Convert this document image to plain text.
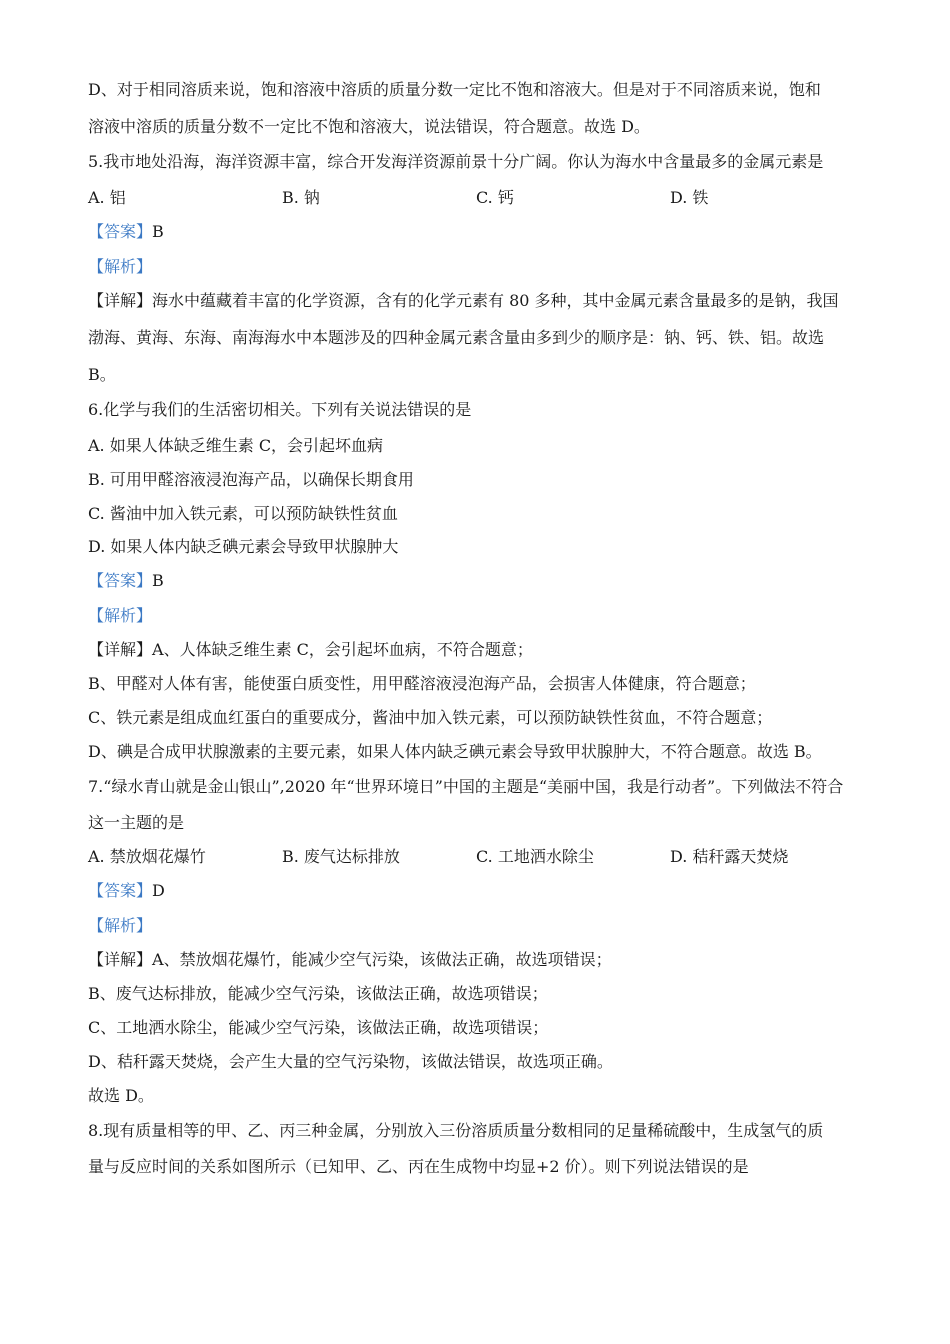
D、对于相同溶质来说，饱和溶液中溶质的质量分数一定比不饱和溶液大。但是对于不同溶质来说，饱和
溶液中溶质的质量分数不一定比不饱和溶液大，说法错误，符合题意。故选 D。
5.我市地处沿海，海洋资源丰富，综合开发海洋资源前景十分广阔。你认为海水中含量最多的金属元素是
A. 铝	B. 钠	C. 钙	D. 铁
【答案】B
【解析】
【详解】海水中蕴藏着丰富的化学资源，含有的化学元素有 80 多种，其中金属元素含量最多的是钠，我国
渤海、黄海、东海、南海海水中本题涉及的四种金属元素含量由多到少的顺序是：钠、钙、铁、铝。故选
B。
6.化学与我们的生活密切相关。下列有关说法错误的是
A. 如果人体缺乏维生素 C，会引起坏血病
B. 可用甲醛溶液浸泡海产品，以确保长期食用
C. 酱油中加入铁元素，可以预防缺铁性贫血
D. 如果人体内缺乏碘元素会导致甲状腺肿大
【答案】B
【解析】
【详解】A、人体缺乏维生素 C，会引起坏血病，不符合题意；
B、甲醛对人体有害，能使蛋白质变性，用甲醛溶液浸泡海产品，会损害人体健康，符合题意；
C、铁元素是组成血红蛋白的重要成分，酱油中加入铁元素，可以预防缺铁性贫血，不符合题意；
D、碘是合成甲状腺激素的主要元素，如果人体内缺乏碘元素会导致甲状腺肿大，不符合题意。故选 B。
7.“绿水青山就是金山银山”,2020 年“世界环境日”中国的主题是“美丽中国，我是行动者”。下列做法不符合
这一主题的是
A. 禁放烟花爆竹	B. 废气达标排放	C. 工地洒水除尘	D. 秸秆露天焚烧
【答案】D
【解析】
【详解】A、禁放烟花爆竹，能减少空气污染，该做法正确，故选项错误；
B、废气达标排放，能减少空气污染，该做法正确，故选项错误；
C、工地洒水除尘，能减少空气污染，该做法正确，故选项错误；
D、秸秆露天焚烧，会产生大量的空气污染物，该做法错误，故选项正确。
故选 D。
8.现有质量相等的甲、乙、丙三种金属，分别放入三份溶质质量分数相同的足量稀硫酸中，生成氢气的质
量与反应时间的关系如图所示（已知甲、乙、丙在生成物中均显+2 价）。则下列说法错误的是
